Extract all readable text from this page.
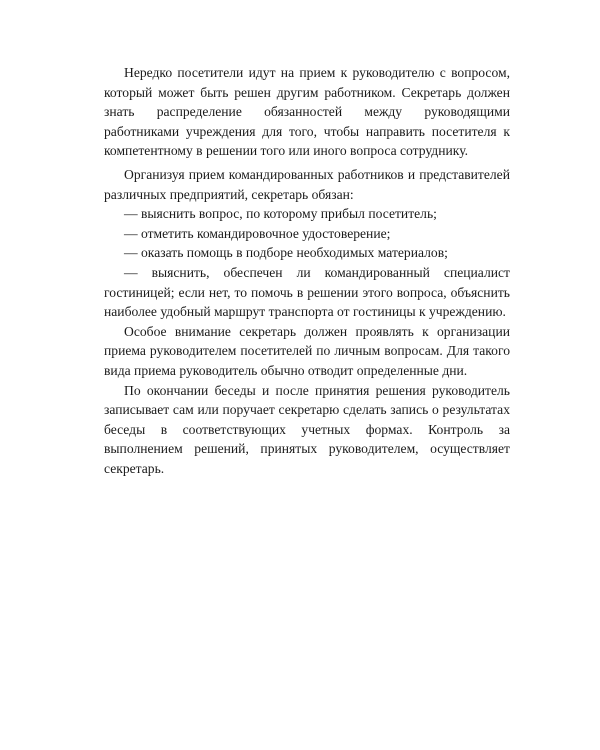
Нередко посетители идут на прием к руководителю с вопросом, который может быть решен другим работником. Секретарь должен знать распределение обязанностей между руководящими работниками учреждения для того, чтобы направить посетителя к компетентному в решении того или иного вопроса сотруднику.

Организуя прием командированных работников и представителей различных предприятий, секретарь обязан:

— выяснить вопрос, по которому прибыл посетитель;

— отметить командировочное удостоверение;

— оказать помощь в подборе необходимых материалов;

— выяснить, обеспечен ли командированный специалист гостиницей; если нет, то помочь в решении этого вопроса, объяснить наиболее удобный маршрут транспорта от гостиницы к учреждению.

Особое внимание секретарь должен проявлять к организации приема руководителем посетителей по личным вопросам. Для такого вида приема руководитель обычно отводит определенные дни.

По окончании беседы и после принятия решения руководитель записывает сам или поручает секретарю сделать запись о результатах беседы в соответствующих учетных формах. Контроль за выполнением решений, принятых руководителем, осуществляет секретарь.
